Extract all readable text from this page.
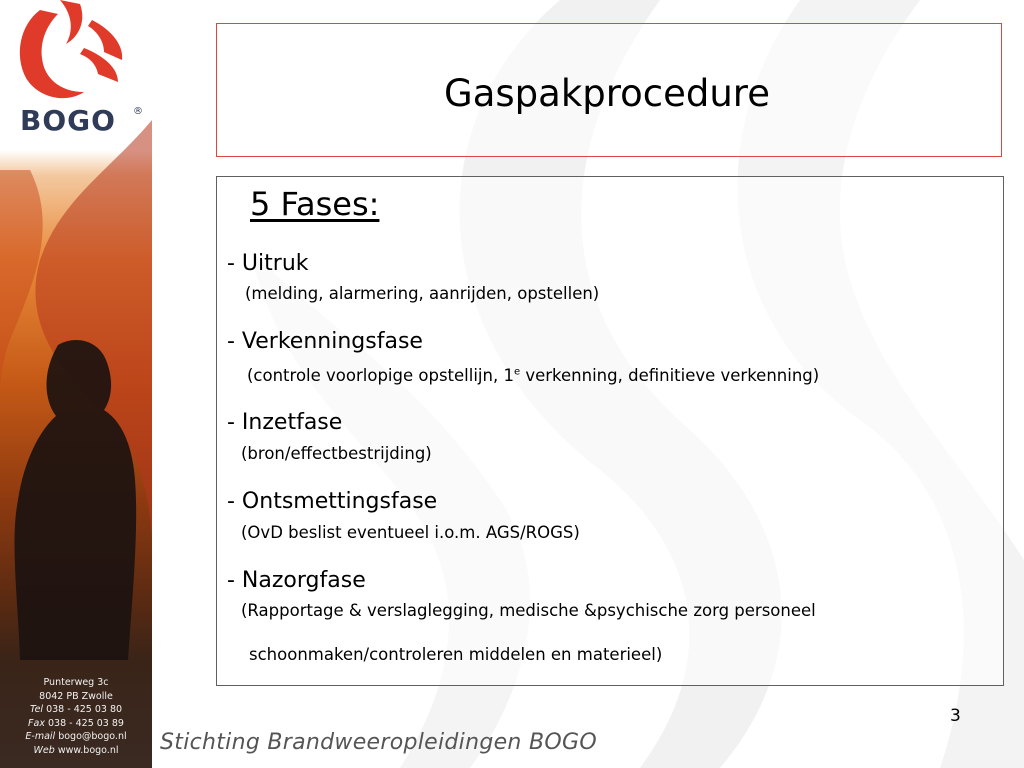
BOGO ®
Punterweg 3c
8042 PB Zwolle
Tel 038 - 425 03 80
Fax 038 - 425 03 89
E-mail bogo@bogo.nl
Web www.bogo.nl
Gaspakprocedure
5 Fases:
- Uitruk
(melding, alarmering, aanrijden, opstellen)
- Verkenningsfase
(controle voorlopige opstellijn, 1e verkenning, definitieve verkenning)
- Inzetfase
(bron/effectbestrijding)
- Ontsmettingsfase
(OvD beslist eventueel i.o.m. AGS/ROGS)
- Nazorgfase
(Rapportage & verslaglegging, medische &psychische zorg personeel
schoonmaken/controleren middelen en materieel)
3
Stichting Brandweeropleidingen BOGO
